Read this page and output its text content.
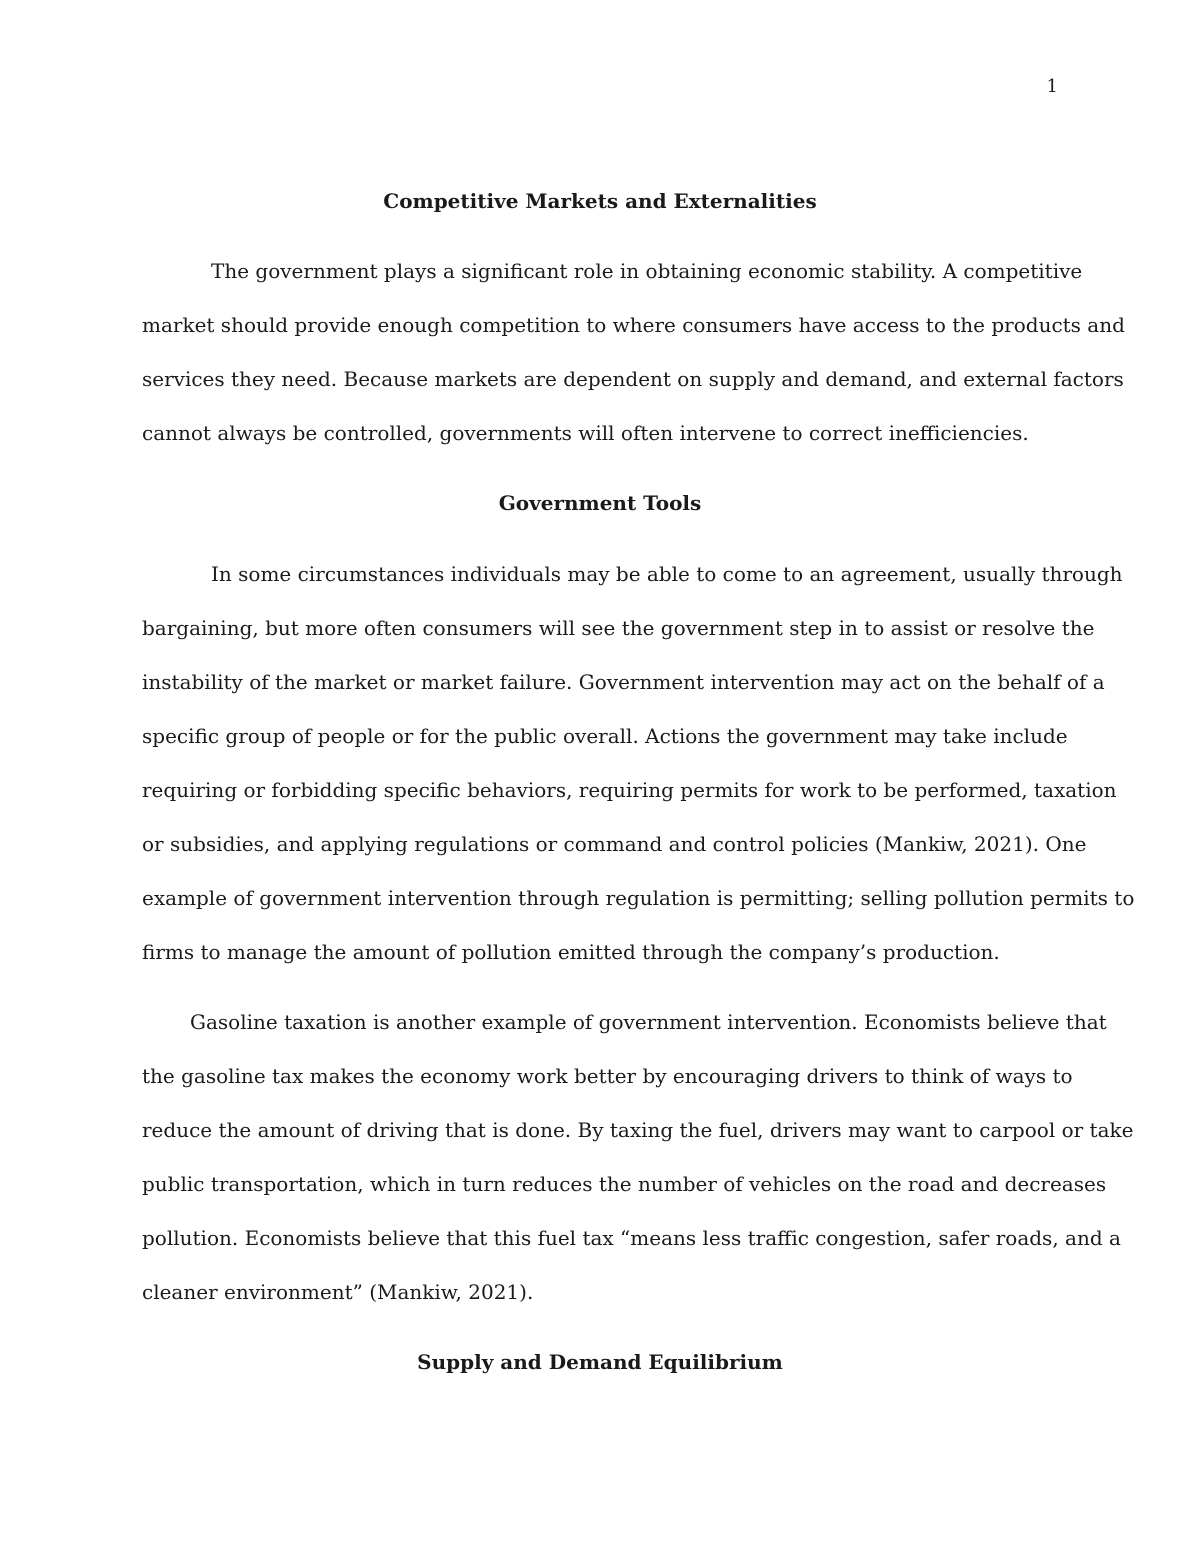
1
Competitive Markets and Externalities
The government plays a significant role in obtaining economic stability. A competitive
market should provide enough competition to where consumers have access to the products and
services they need. Because markets are dependent on supply and demand, and external factors
cannot always be controlled, governments will often intervene to correct inefficiencies.
Government Tools
In some circumstances individuals may be able to come to an agreement, usually through
bargaining, but more often consumers will see the government step in to assist or resolve the
instability of the market or market failure. Government intervention may act on the behalf of a
specific group of people or for the public overall. Actions the government may take include
requiring or forbidding specific behaviors, requiring permits for work to be performed, taxation
or subsidies, and applying regulations or command and control policies (Mankiw, 2021). One
example of government intervention through regulation is permitting; selling pollution permits to
firms to manage the amount of pollution emitted through the company’s production.
Gasoline taxation is another example of government intervention. Economists believe that
the gasoline tax makes the economy work better by encouraging drivers to think of ways to
reduce the amount of driving that is done. By taxing the fuel, drivers may want to carpool or take
public transportation, which in turn reduces the number of vehicles on the road and decreases
pollution. Economists believe that this fuel tax “means less traffic congestion, safer roads, and a
cleaner environment” (Mankiw, 2021).
Supply and Demand Equilibrium
